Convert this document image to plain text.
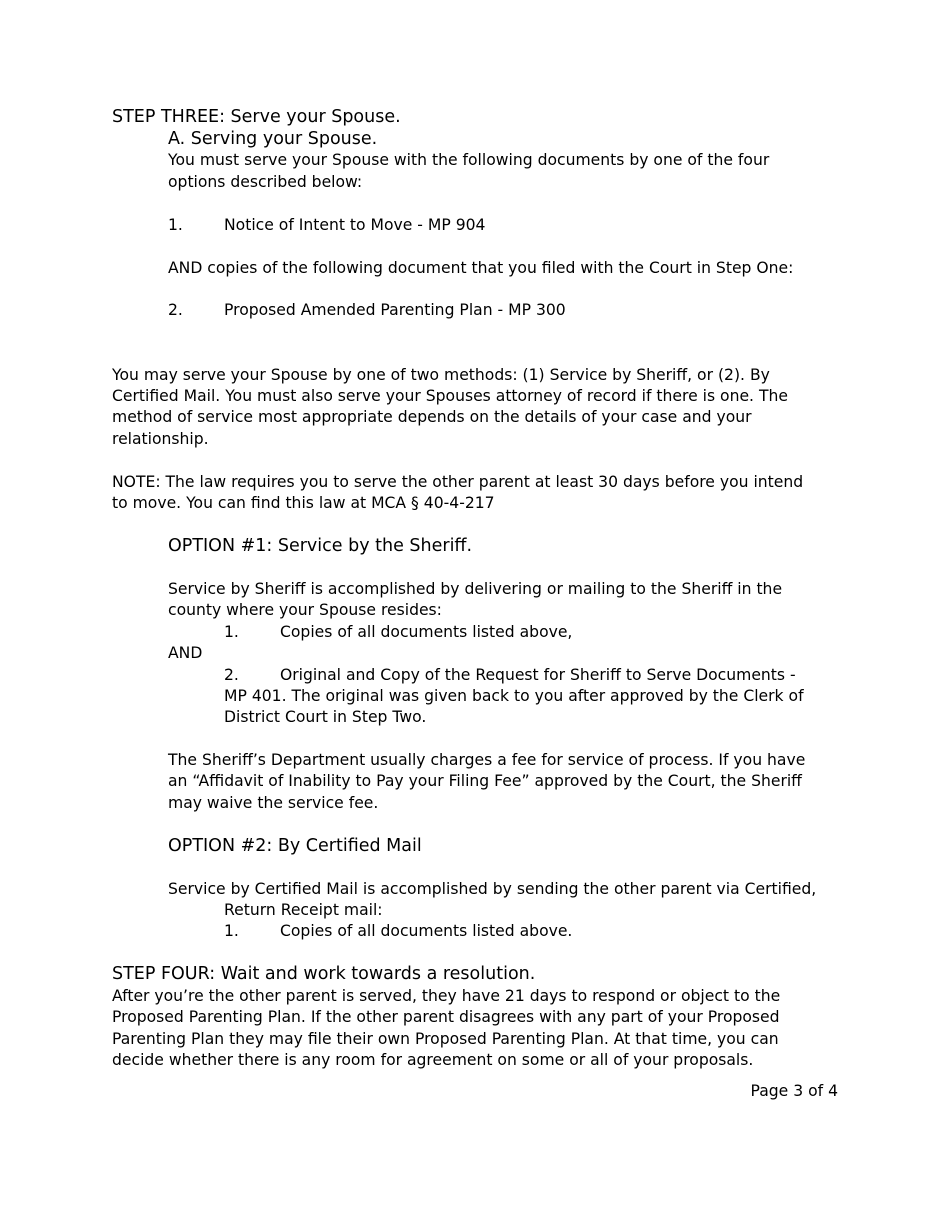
STEP THREE: Serve your Spouse.
A. Serving your Spouse.
You must serve your Spouse with the following documents by one of the four
options described below:
1.	Notice of Intent to Move - MP 904
AND copies of the following document that you filed with the Court in Step One:
2.	Proposed Amended Parenting Plan - MP 300
You may serve your Spouse by one of two methods: (1) Service by Sheriff, or (2). By
Certified Mail. You must also serve your Spouses attorney of record if there is one. The
method of service most appropriate depends on the details of your case and your
relationship.
NOTE: The law requires you to serve the other parent at least 30 days before you intend
to move. You can find this law at MCA § 40-4-217
OPTION #1: Service by the Sheriff.
Service by Sheriff is accomplished by delivering or mailing to the Sheriff in the
county where your Spouse resides:
1.	Copies of all documents listed above,
AND
2.	Original and Copy of the Request for Sheriff to Serve Documents -
MP 401. The original was given back to you after approved by the Clerk of
District Court in Step Two.
The Sheriff’s Department usually charges a fee for service of process. If you have
an “Affidavit of Inability to Pay your Filing Fee” approved by the Court, the Sheriff
may waive the service fee.
OPTION #2: By Certified Mail
Service by Certified Mail is accomplished by sending the other parent via Certified,
Return Receipt mail:
1.	Copies of all documents listed above.
STEP FOUR: Wait and work towards a resolution.
After you’re the other parent is served, they have 21 days to respond or object to the
Proposed Parenting Plan. If the other parent disagrees with any part of your Proposed
Parenting Plan they may file their own Proposed Parenting Plan. At that time, you can
decide whether there is any room for agreement on some or all of your proposals.
Page 3 of 4
